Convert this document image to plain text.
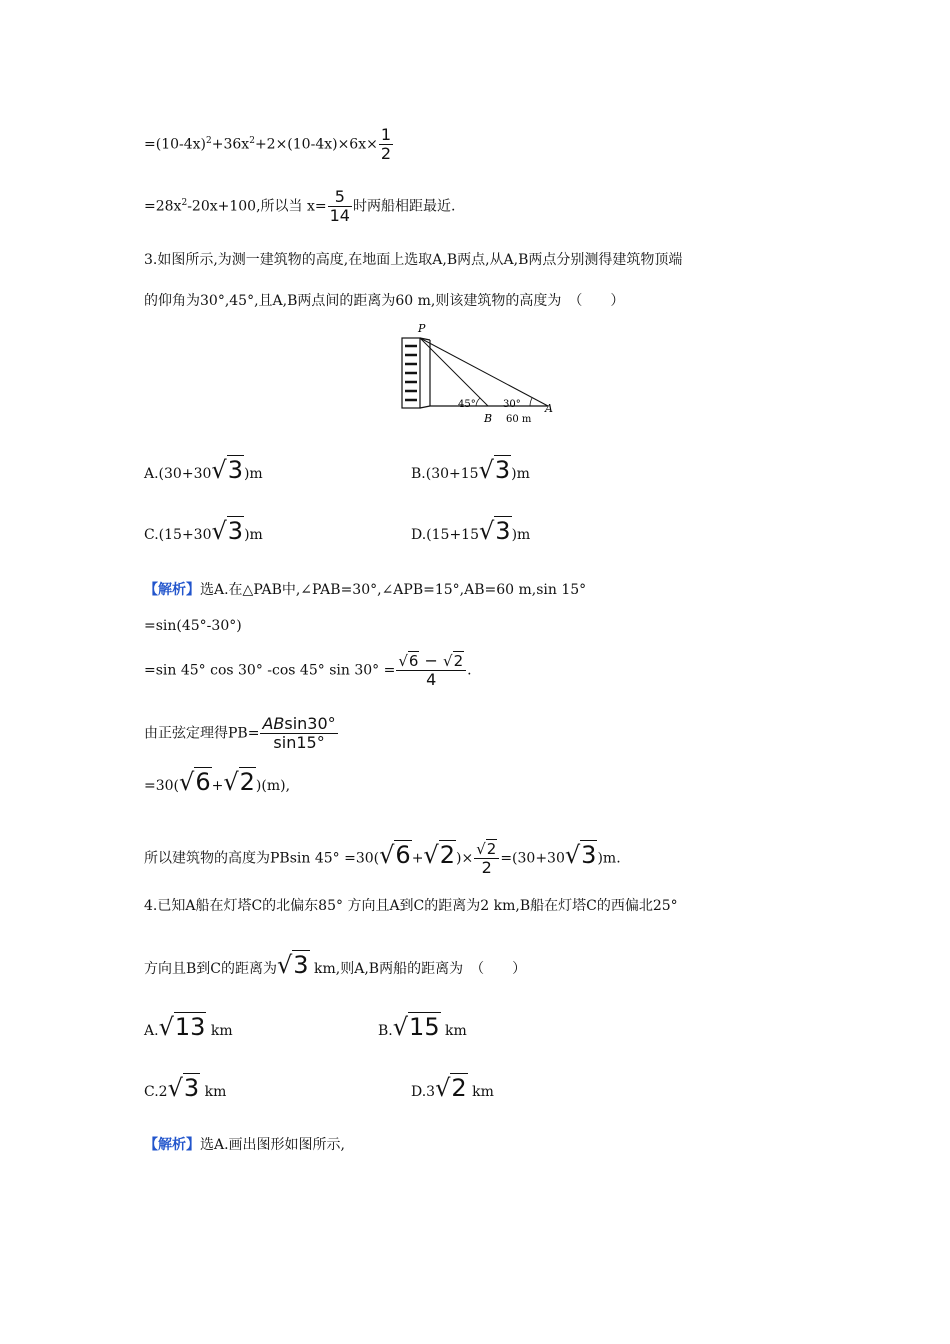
$=(10-4x)^2+36x^2+2\times(10-4x)\times 6x\times \frac{1}{2}$
$=28x^2-20x+100$,所以当 $x= \frac{5}{14}$ 时两船相距最近.
3.如图所示,为测一建筑物的高度,在地面上选取A,B两点,从A,B两点分别测得建筑物顶端
的仰角为30°,45°,且A,B两点间的距离为60 m,则该建筑物的高度为　（　　）
P
B
A
45°	30°
60 m
A.(30+30√3)m	B.(30+15√3)m
C.(15+30√3)m	D.(15+15√3)m
【解析】选A.在△PAB中,∠PAB=30°,∠APB=15°,AB=60 m,sin 15°
=sin(45°-30°)
=sin 45° cos 30° -cos 45° $\sin 30^\circ = \frac{√6 - √2}{4}$ .
由正弦定理得$PB= \frac{ABsin30^\circ}{\sin 15^\circ}$
=30(√6+√2)(m),
所以建筑物的高度为PBsin $45^\circ =30(√6+√2)\times \frac{√2}{2} =(30+30√3)m$.
4.已知A船在灯塔C的北偏东85° 方向且A到C的距离为2 km,B船在灯塔C的西偏北25°
方向且B到C的距离为√3 km,则A,B两船的距离为　（　　）
A.√13 km	B.√15 km
C.2√3 km	D.3√2 km
【解析】选A.画出图形如图所示,
